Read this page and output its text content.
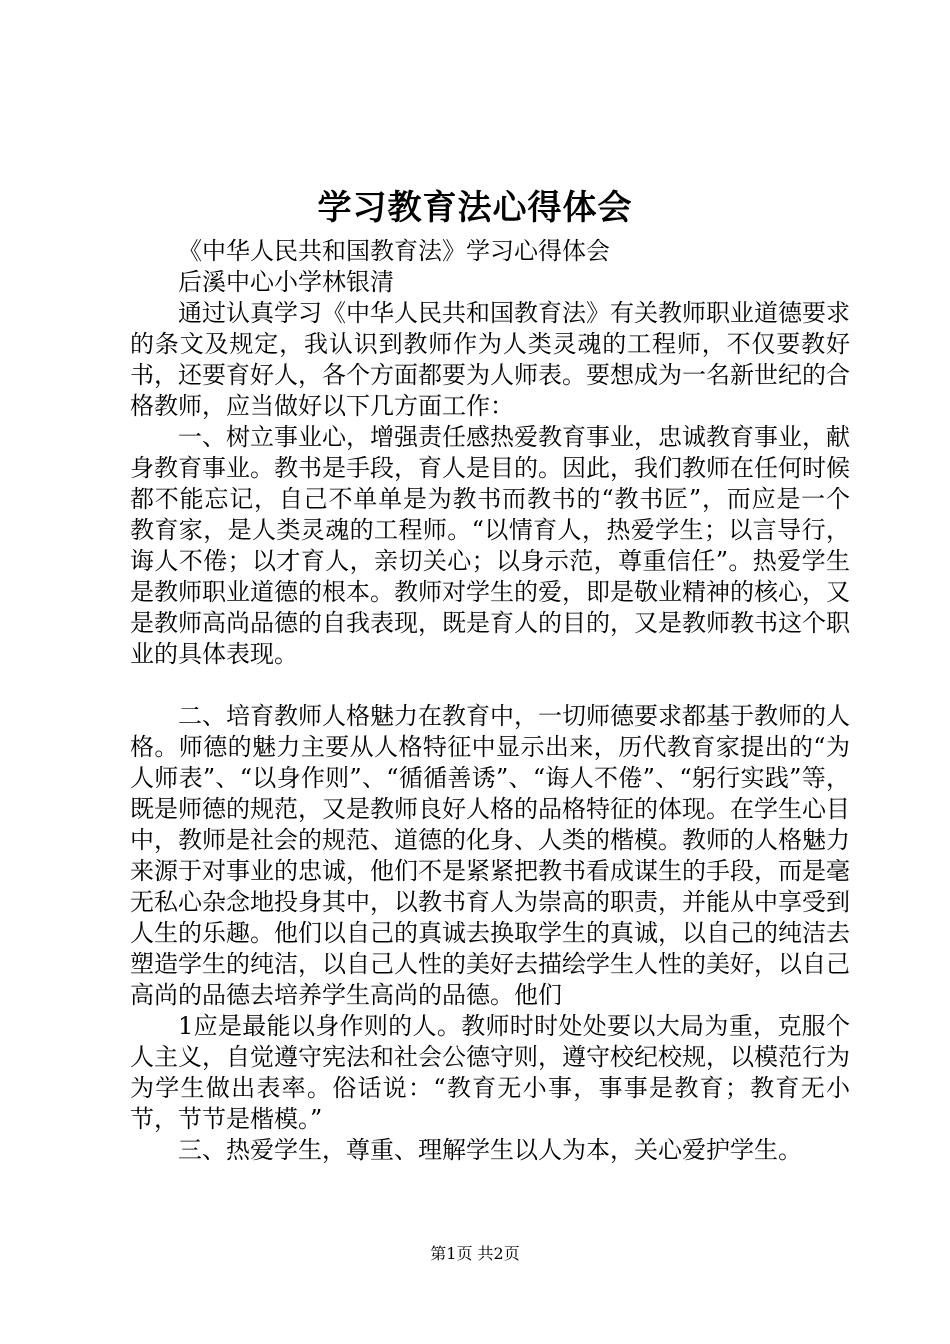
学习教育法心得体会

《中华人民共和国教育法》学习心得体会

后溪中心小学林银清

通过认真学习《中华人民共和国教育法》有关教师职业道德要求的条文及规定，我认识到教师作为人类灵魂的工程师，不仅要教好书，还要育好人，各个方面都要为人师表。要想成为一名新世纪的合格教师，应当做好以下几方面工作：

一、树立事业心，增强责任感热爱教育事业，忠诚教育事业，献身教育事业。教书是手段，育人是目的。因此，我们教师在任何时候都不能忘记，自己不单单是为教书而教书的“教书匠”，而应是一个教育家，是人类灵魂的工程师。“以情育人，热爱学生；以言导行，诲人不倦；以才育人，亲切关心；以身示范，尊重信任”。热爱学生是教师职业道德的根本。教师对学生的爱，即是敬业精神的核心，又是教师高尚品德的自我表现，既是育人的目的，又是教师教书这个职业的具体表现。

二、培育教师人格魅力在教育中，一切师德要求都基于教师的人格。师德的魅力主要从人格特征中显示出来，历代教育家提出的“为人师表”、“以身作则”、“循循善诱”、“诲人不倦”、“躬行实践”等，既是师德的规范，又是教师良好人格的品格特征的体现。在学生心目中，教师是社会的规范、道德的化身、人类的楷模。教师的人格魅力来源于对事业的忠诚，他们不是紧紧把教书看成谋生的手段，而是毫无私心杂念地投身其中，以教书育人为崇高的职责，并能从中享受到人生的乐趣。他们以自己的真诚去换取学生的真诚，以自己的纯洁去塑造学生的纯洁，以自己人性的美好去描绘学生人性的美好，以自己高尚的品德去培养学生高尚的品德。他们

1应是最能以身作则的人。教师时时处处要以大局为重，克服个人主义，自觉遵守宪法和社会公德守则，遵守校纪校规，以模范行为为学生做出表率。俗话说：“教育无小事，事事是教育；教育无小节，节节是楷模。”

三、热爱学生，尊重、理解学生以人为本，关心爱护学生。

第1页 共2页
